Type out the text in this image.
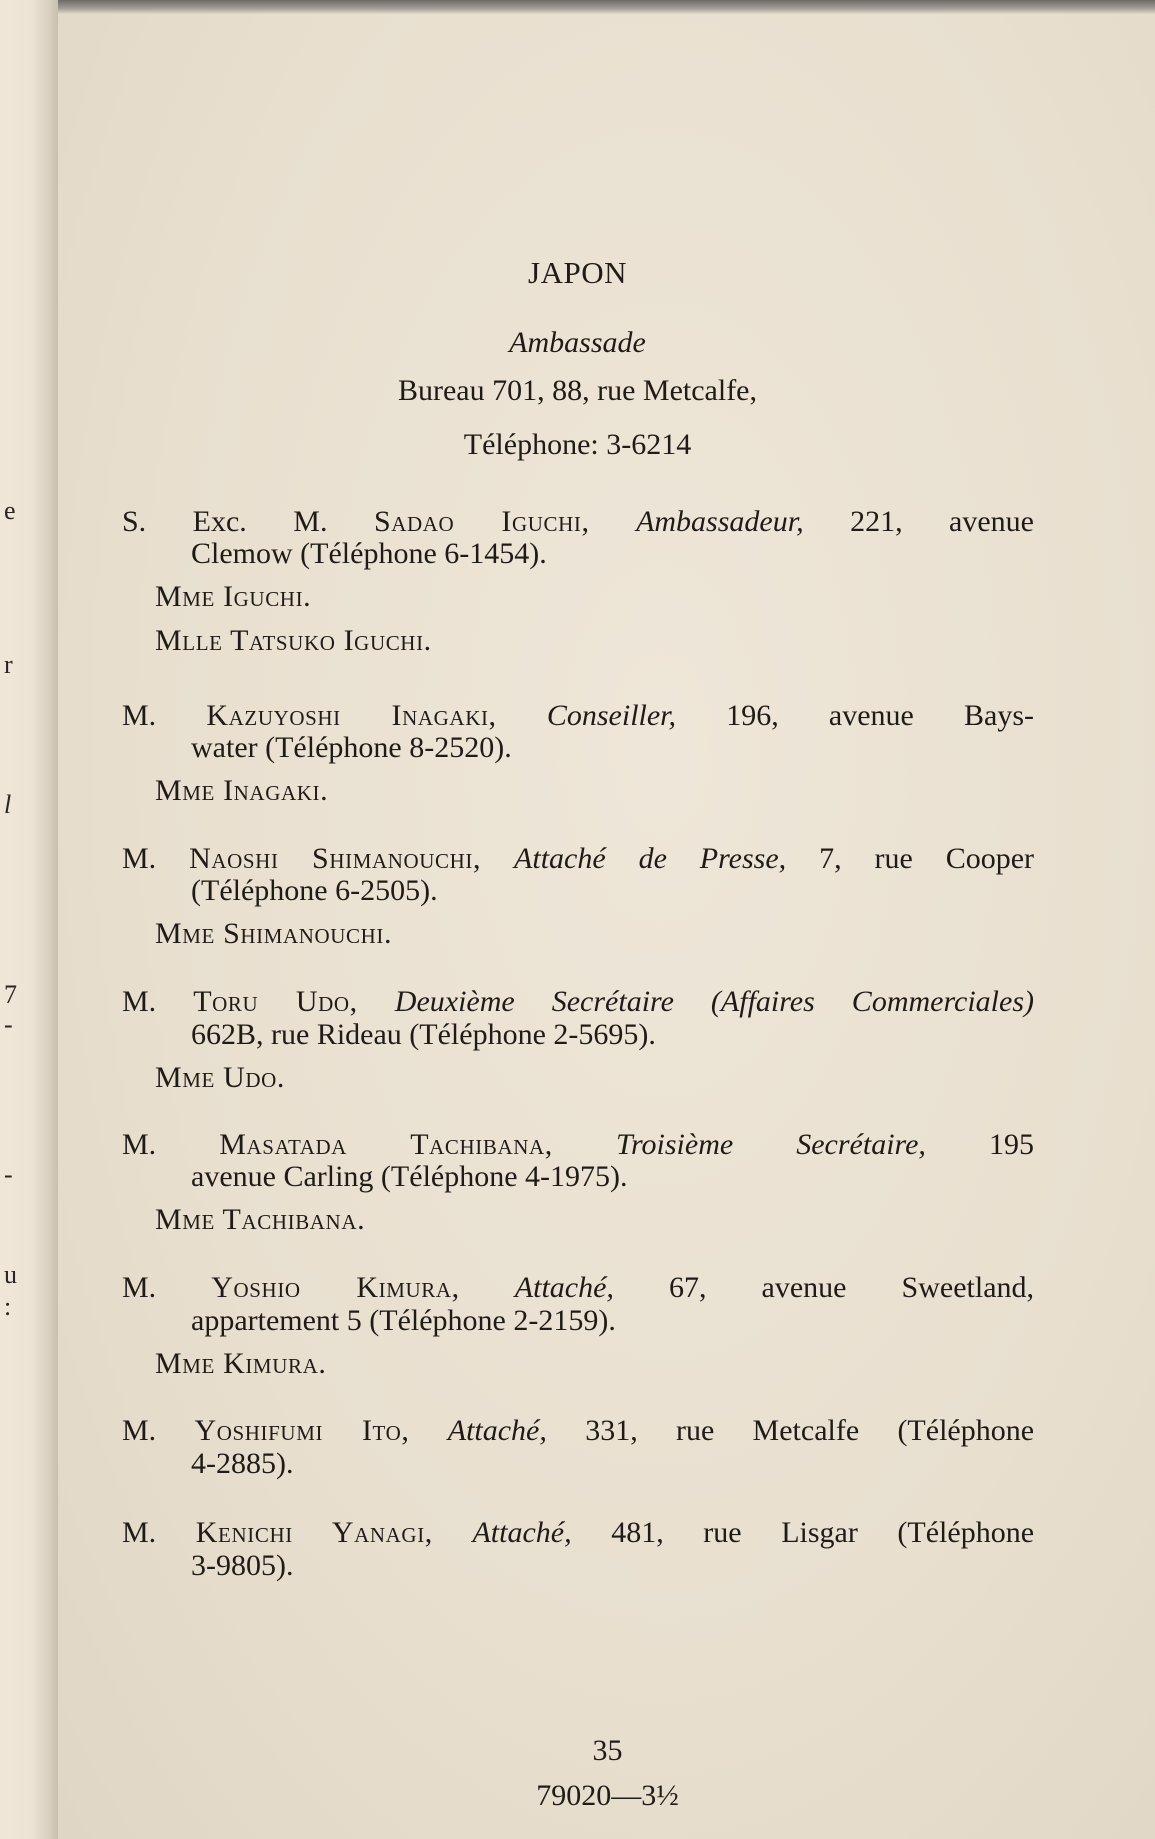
e
r
l
7
-
-
u
:
JAPON
Ambassade
Bureau 701, 88, rue Metcalfe,
Téléphone: 3-6214
S. Exc. M. Sadao Iguchi, Ambassadeur, 221, avenue
Clemow (Téléphone 6-1454).
Mme Iguchi.
Mlle Tatsuko Iguchi.
M. Kazuyoshi Inagaki, Conseiller, 196, avenue Bays-
water (Téléphone 8-2520).
Mme Inagaki.
M. Naoshi Shimanouchi, Attaché de Presse, 7, rue Cooper
(Téléphone 6-2505).
Mme Shimanouchi.
M. Toru Udo, Deuxième Secrétaire (Affaires Commerciales)
662B, rue Rideau (Téléphone 2-5695).
Mme Udo.
M. Masatada Tachibana, Troisième Secrétaire, 195
avenue Carling (Téléphone 4-1975).
Mme Tachibana.
M. Yoshio Kimura, Attaché, 67, avenue Sweetland,
appartement 5 (Téléphone 2-2159).
Mme Kimura.
M. Yoshifumi Ito, Attaché, 331, rue Metcalfe (Téléphone
4-2885).
M. Kenichi Yanagi, Attaché, 481, rue Lisgar (Téléphone
3-9805).
35
79020—3½
